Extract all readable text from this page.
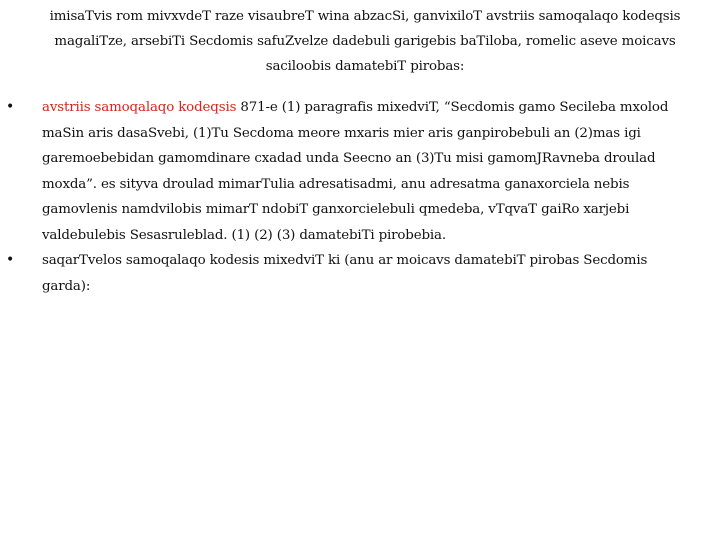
imisaTvis rom mivxvdeT raze visaubreT wina abzacSi, ganvixiloT avstriis samoqalaqo kodeqsis magaliTze, arsebiTi Secdomis safuZvelze dadebuli garigebis baTiloba, romelic aseve moicavs saciloobis damatebiT pirobas:
•	avstriis samoqalaqo kodeqsis 871-e (1) paragrafis mixedviT, “Secdomis gamo Secileba mxolod maSin aris dasaSvebi, (1)Tu Secdoma meore mxaris mier aris ganpirobebuli an (2)mas igi garemoebebidan gamomdinare cxadad unda Seecno an (3)Tu misi gamomJRavneba droulad moxda”. es sityva droulad mimarTulia adresatisadmi, anu adresatma ganaxorciela nebis gamovlenis namdvilobis mimarT ndobiT ganxorcielebuli qmedeba, vTqvaT gaiRo xarjebi valdebulebis Sesasruleblad. (1) (2) (3) damatebiTi pirobebia.
•	saqarTvelos samoqalaqo kodesis mixedviT ki (anu ar moicavs damatebiT pirobas Secdomis garda):
